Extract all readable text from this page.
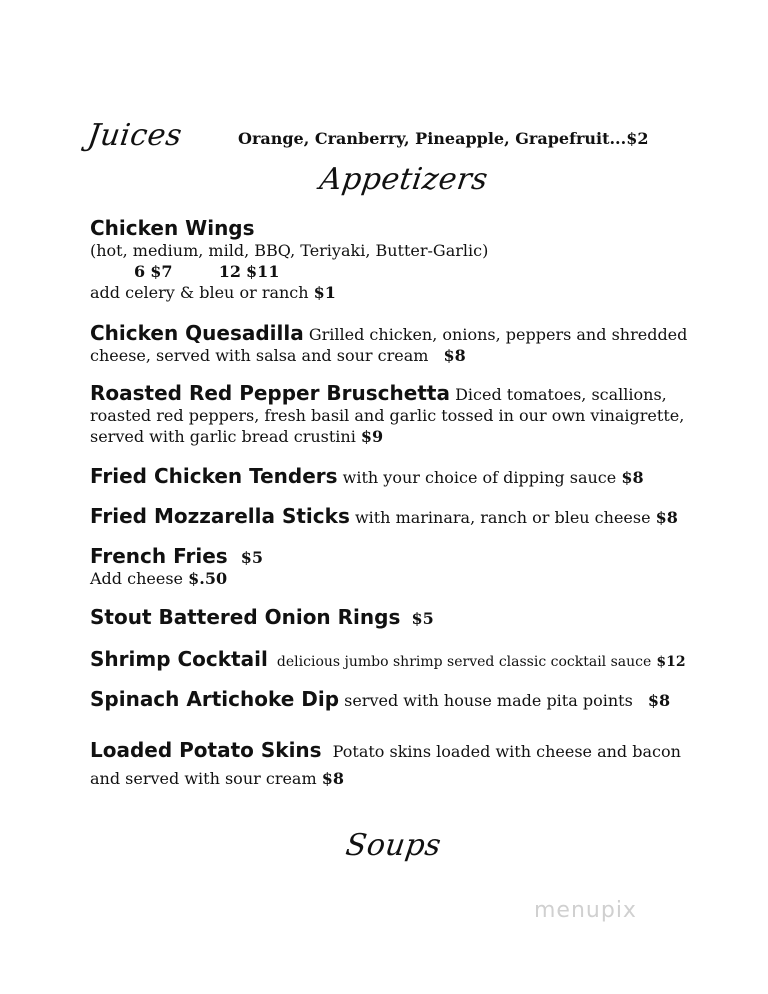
Juices	Orange, Cranberry, Pineapple, Grapefruit...$2
Appetizers
Chicken Wings
(hot, medium, mild, BBQ, Teriyaki, Butter-Garlic)
6 $7	12 $11
add celery & bleu or ranch $1
Chicken Quesadilla Grilled chicken, onions, peppers and shredded
cheese, served with salsa and sour cream $8
Roasted Red Pepper Bruschetta Diced tomatoes, scallions,
roasted red peppers, fresh basil and garlic tossed in our own vinaigrette,
served with garlic bread crustini $9
Fried Chicken Tenders with your choice of dipping sauce $8
Fried Mozzarella Sticks with marinara, ranch or bleu cheese $8
French Fries $5
Add cheese $.50
Stout Battered Onion Rings $5
Shrimp Cocktail delicious jumbo shrimp served classic cocktail sauce $12
Spinach Artichoke Dip served with house made pita points $8
Loaded Potato Skins Potato skins loaded with cheese and bacon
and served with sour cream $8
Soups
menupix
